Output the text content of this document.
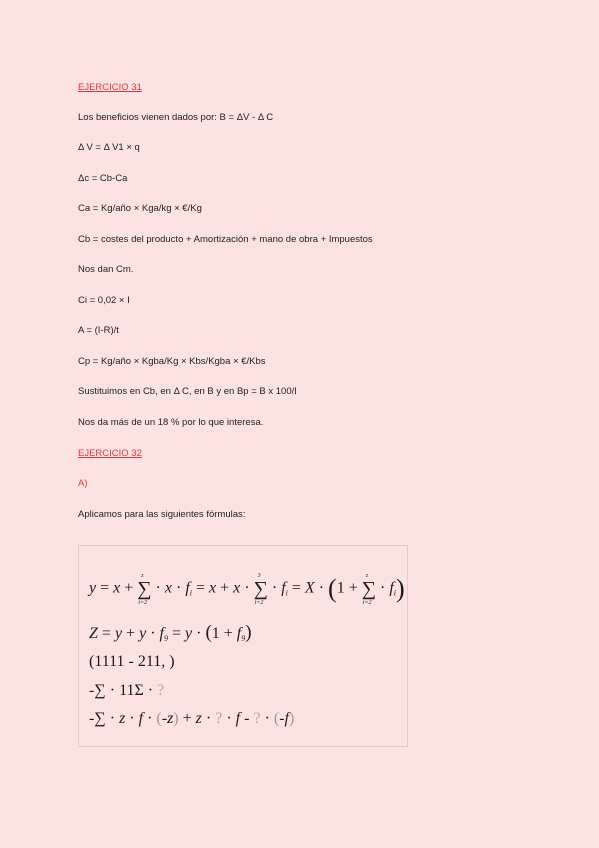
EJERCICIO 31
Los beneficios vienen dados por: B = ΔV - Δ C
Δ V = Δ V1 × q
Δc = Cb-Ca
Ca = Kg/año × Kga/kg × €/Kg
Cb = costes del producto + Amortización + mano de obra + Impuestos
Nos dan Cm.
Ci = 0,02 × I
A = (I-R)/t
Cp = Kg/año × Kgba/Kg × Kbs/Kgba × €/Kbs
Sustituimos en Cb, en Δ C, en B y en Bp = B x 100/I
Nos da más de un 18 % por lo que interesa.
EJERCICIO 32
A)
Aplicamos para las siguientes fórmulas:
y = x + ∑
z
i=2
· $x \cdot f_i = x + x$ · ∑
3
i=2
· $f_i = X \cdot (1$ + ∑
z
i=2
· $f_i$)
$Z = y + y \cdot f_9 = y \cdot (1 + f_9)$
(1111 - 211, )
-∑ · 11Σ · ?
-∑ · z · f · (-z) + z · ? · f - ? · (-f)
